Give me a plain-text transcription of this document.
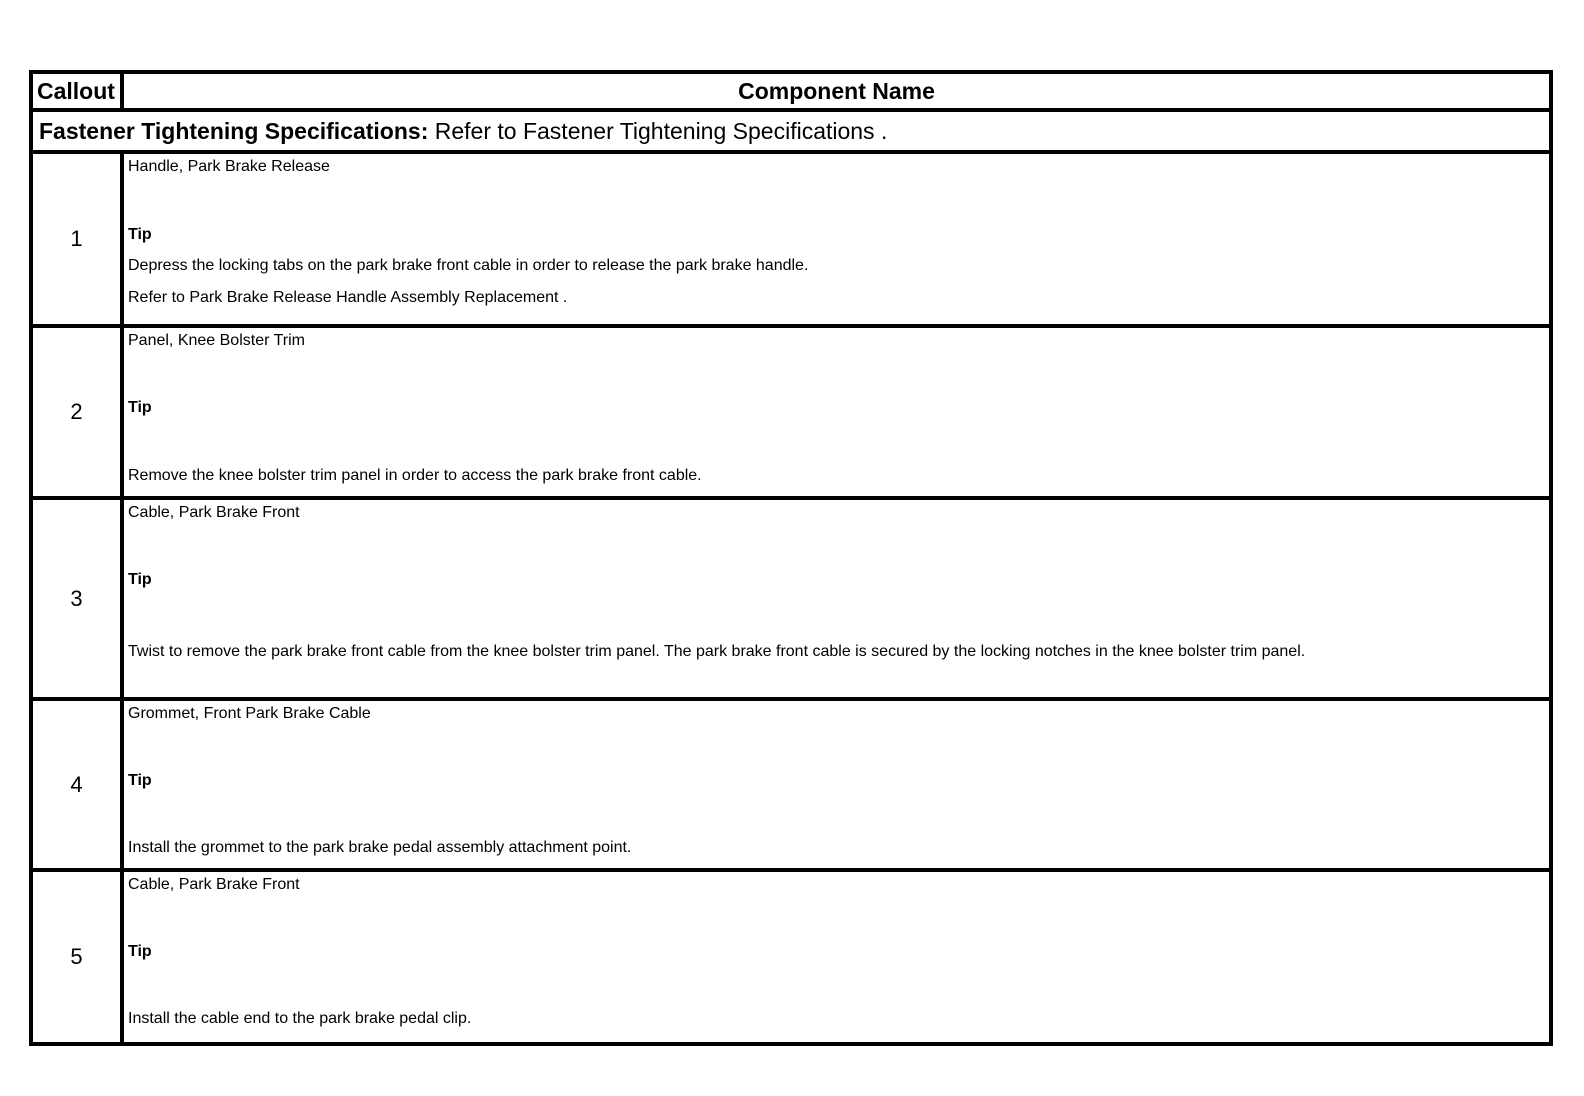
Callout	Component Name
Fastener Tightening Specifications: Refer to Fastener Tightening Specifications .	
1	Handle, Park Brake Release
Tip
Depress the locking tabs on the park brake front cable in order to release the park brake handle.
Refer to Park Brake Release Handle Assembly Replacement .

2	Panel, Knee Bolster Trim
Tip
Remove the knee bolster trim panel in order to access the park brake front cable.

3	Cable, Park Brake Front
Tip
Twist to remove the park brake front cable from the knee bolster trim panel. The park brake front cable is secured by the locking notches in the knee bolster trim panel.

4	Grommet, Front Park Brake Cable
Tip
Install the grommet to the park brake pedal assembly attachment point.

5	Cable, Park Brake Front
Tip
Install the cable end to the park brake pedal clip.
